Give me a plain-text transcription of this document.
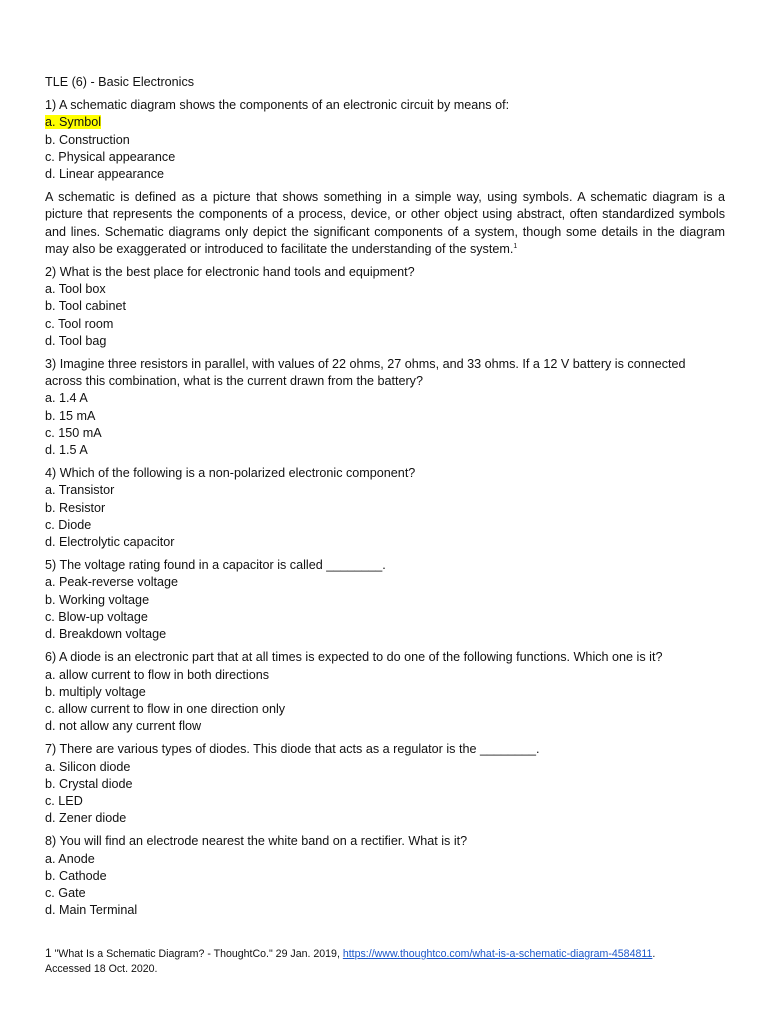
TLE (6) - Basic Electronics
1) A schematic diagram shows the components of an electronic circuit by means of:
a. Symbol
b. Construction
c. Physical appearance
d. Linear appearance

A schematic is defined as a picture that shows something in a simple way, using symbols. A schematic diagram is a picture that represents the components of a process, device, or other object using abstract, often standardized symbols and lines. Schematic diagrams only depict the significant components of a system, though some details in the diagram may also be exaggerated or introduced to facilitate the understanding of the system.$^1$

2) What is the best place for electronic hand tools and equipment?
a. Tool box
b. Tool cabinet
c. Tool room
d. Tool bag
3) Imagine three resistors in parallel, with values of 22 ohms, 27 ohms, and 33 ohms. If a 12 V battery is connected across this combination, what is the current drawn from the battery?
a. 1.4 A
b. 15 mA
c. 150 mA
d. 1.5 A
4) Which of the following is a non-polarized electronic component?
a. Transistor
b. Resistor
c. Diode
d. Electrolytic capacitor
5) The voltage rating found in a capacitor is called ________.
a. Peak-reverse voltage
b. Working voltage
c. Blow-up voltage
d. Breakdown voltage
6) A diode is an electronic part that at all times is expected to do one of the following functions. Which one is it?
a. allow current to flow in both directions
b. multiply voltage
c. allow current to flow in one direction only
d. not allow any current flow
7) There are various types of diodes. This diode that acts as a regulator is the ________.
a. Silicon diode
b. Crystal diode
c. LED
d. Zener diode
8) You will find an electrode nearest the white band on a rectifier. What is it?
a. Anode
b. Cathode
c. Gate
d. Main Terminal
1 "What Is a Schematic Diagram? - ThoughtCo." 29 Jan. 2019, https://www.thoughtco.com/what-is-a-schematic-diagram-4584811.
Accessed 18 Oct. 2020.
